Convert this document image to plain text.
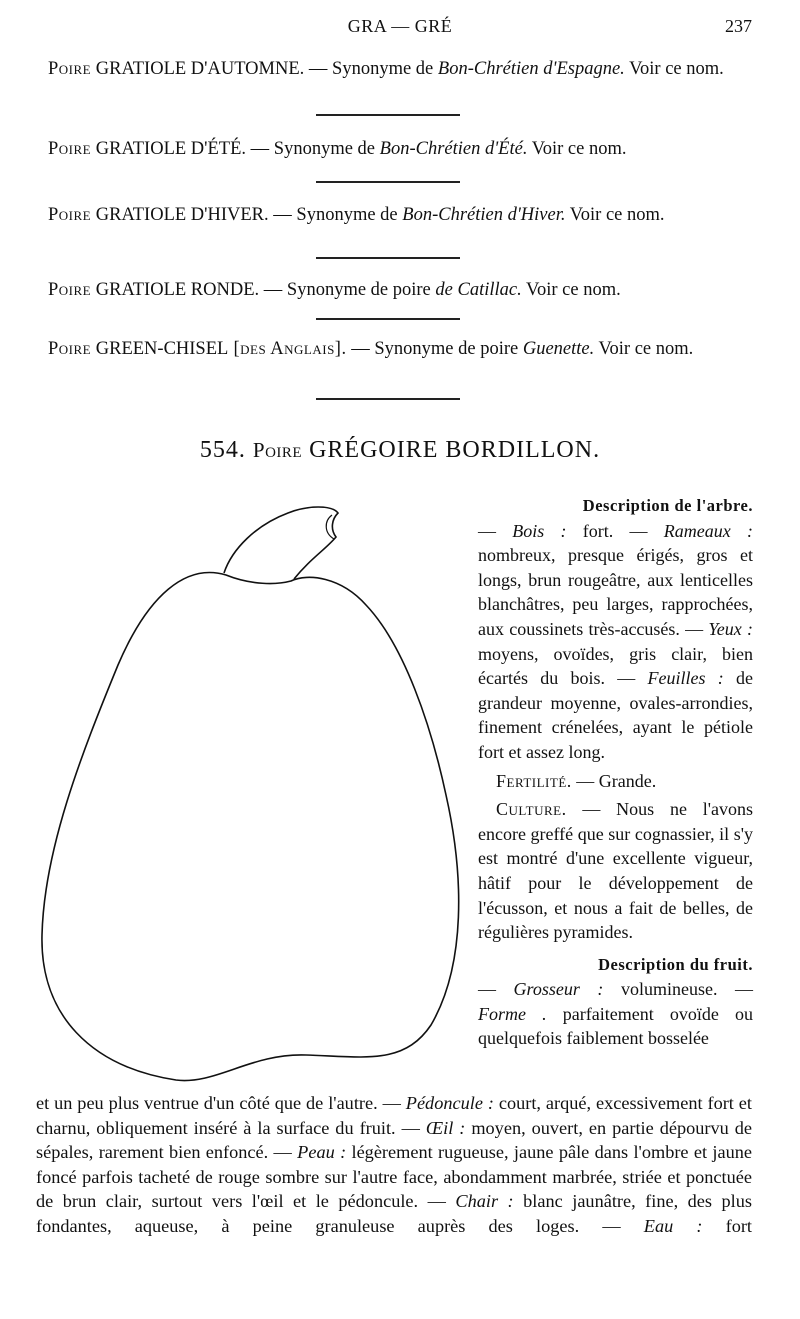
GRA — GRÉ	237

Poire GRATIOLE D'AUTOMNE. — Synonyme de Bon-Chrétien d'Espagne. Voir ce nom.

Poire GRATIOLE D'ÉTÉ. — Synonyme de Bon-Chrétien d'Été. Voir ce nom.

Poire GRATIOLE D'HIVER. — Synonyme de Bon-Chrétien d'Hiver. Voir ce nom.

Poire GRATIOLE RONDE. — Synonyme de poire de Catillac. Voir ce nom.

Poire GREEN-CHISEL [des Anglais]. — Synonyme de poire Guenette. Voir ce nom.

554. Poire GRÉGOIRE BORDILLON.

Description de l'arbre.

— Bois : fort. — Rameaux : nombreux, presque érigés, gros et longs, brun rougeâtre, aux lenticelles blanchâtres, peu larges, rapprochées, aux coussinets très-accusés. — Yeux : moyens, ovoïdes, gris clair, bien écartés du bois. — Feuilles : de grandeur moyenne, ovales-arrondies, finement crénelées, ayant le pétiole fort et assez long.

Fertilité. — Grande.

Culture. — Nous ne l'avons encore greffé que sur cognassier, il s'y est montré d'une excellente vigueur, hâtif pour le développement de l'écusson, et nous a fait de belles, de régulières pyramides.

Description du fruit.

— Grosseur : volumineuse. — Forme . parfaitement ovoïde ou quelquefois faiblement bosselée

et un peu plus ventrue d'un côté que de l'autre. — Pédoncule : court, arqué, excessivement fort et charnu, obliquement inséré à la surface du fruit. — Œil : moyen, ouvert, en partie dépourvu de sépales, rarement bien enfoncé. — Peau : légèrement rugueuse, jaune pâle dans l'ombre et jaune foncé parfois tacheté de rouge sombre sur l'autre face, abondamment marbrée, striée et ponctuée de brun clair, surtout vers l'œil et le pédoncule. — Chair : blanc jaunâtre, fine, des plus fondantes, aqueuse, à peine granuleuse auprès des loges. — Eau : fort
